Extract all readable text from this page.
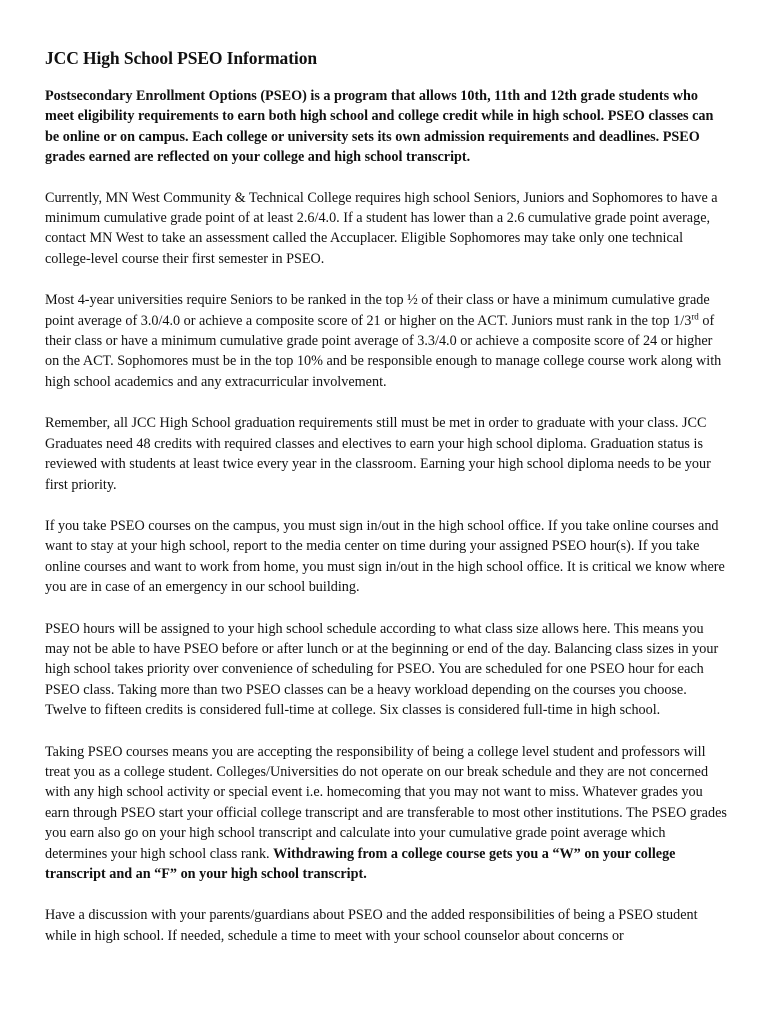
JCC High School PSEO Information

Postsecondary Enrollment Options (PSEO) is a program that allows 10th, 11th and 12th grade students who meet eligibility requirements to earn both high school and college credit while in high school. PSEO classes can be online or on campus. Each college or university sets its own admission requirements and deadlines. PSEO grades earned are reflected on your college and high school transcript.

Currently, MN West Community & Technical College requires high school Seniors, Juniors and Sophomores to have a minimum cumulative grade point of at least 2.6/4.0. If a student has lower than a 2.6 cumulative grade point average, contact MN West to take an assessment called the Accuplacer. Eligible Sophomores may take only one technical college-level course their first semester in PSEO.

Most 4-year universities require Seniors to be ranked in the top ½ of their class or have a minimum cumulative grade point average of 3.0/4.0 or achieve a composite score of 21 or higher on the ACT. Juniors must rank in the top 1/3rd of their class or have a minimum cumulative grade point average of 3.3/4.0 or achieve a composite score of 24 or higher on the ACT. Sophomores must be in the top 10% and be responsible enough to manage college course work along with high school academics and any extracurricular involvement.

Remember, all JCC High School graduation requirements still must be met in order to graduate with your class. JCC Graduates need 48 credits with required classes and electives to earn your high school diploma. Graduation status is reviewed with students at least twice every year in the classroom. Earning your high school diploma needs to be your first priority.

If you take PSEO courses on the campus, you must sign in/out in the high school office. If you take online courses and want to stay at your high school, report to the media center on time during your assigned PSEO hour(s). If you take online courses and want to work from home, you must sign in/out in the high school office. It is critical we know where you are in case of an emergency in our school building.

PSEO hours will be assigned to your high school schedule according to what class size allows here. This means you may not be able to have PSEO before or after lunch or at the beginning or end of the day. Balancing class sizes in your high school takes priority over convenience of scheduling for PSEO. You are scheduled for one PSEO hour for each PSEO class. Taking more than two PSEO classes can be a heavy workload depending on the courses you choose. Twelve to fifteen credits is considered full-time at college. Six classes is considered full-time in high school.

Taking PSEO courses means you are accepting the responsibility of being a college level student and professors will treat you as a college student. Colleges/Universities do not operate on our break schedule and they are not concerned with any high school activity or special event i.e. homecoming that you may not want to miss. Whatever grades you earn through PSEO start your official college transcript and are transferable to most other institutions. The PSEO grades you earn also go on your high school transcript and calculate into your cumulative grade point average which determines your high school class rank. Withdrawing from a college course gets you a “W” on your college transcript and an “F” on your high school transcript.

Have a discussion with your parents/guardians about PSEO and the added responsibilities of being a PSEO student while in high school. If needed, schedule a time to meet with your school counselor about concerns or
